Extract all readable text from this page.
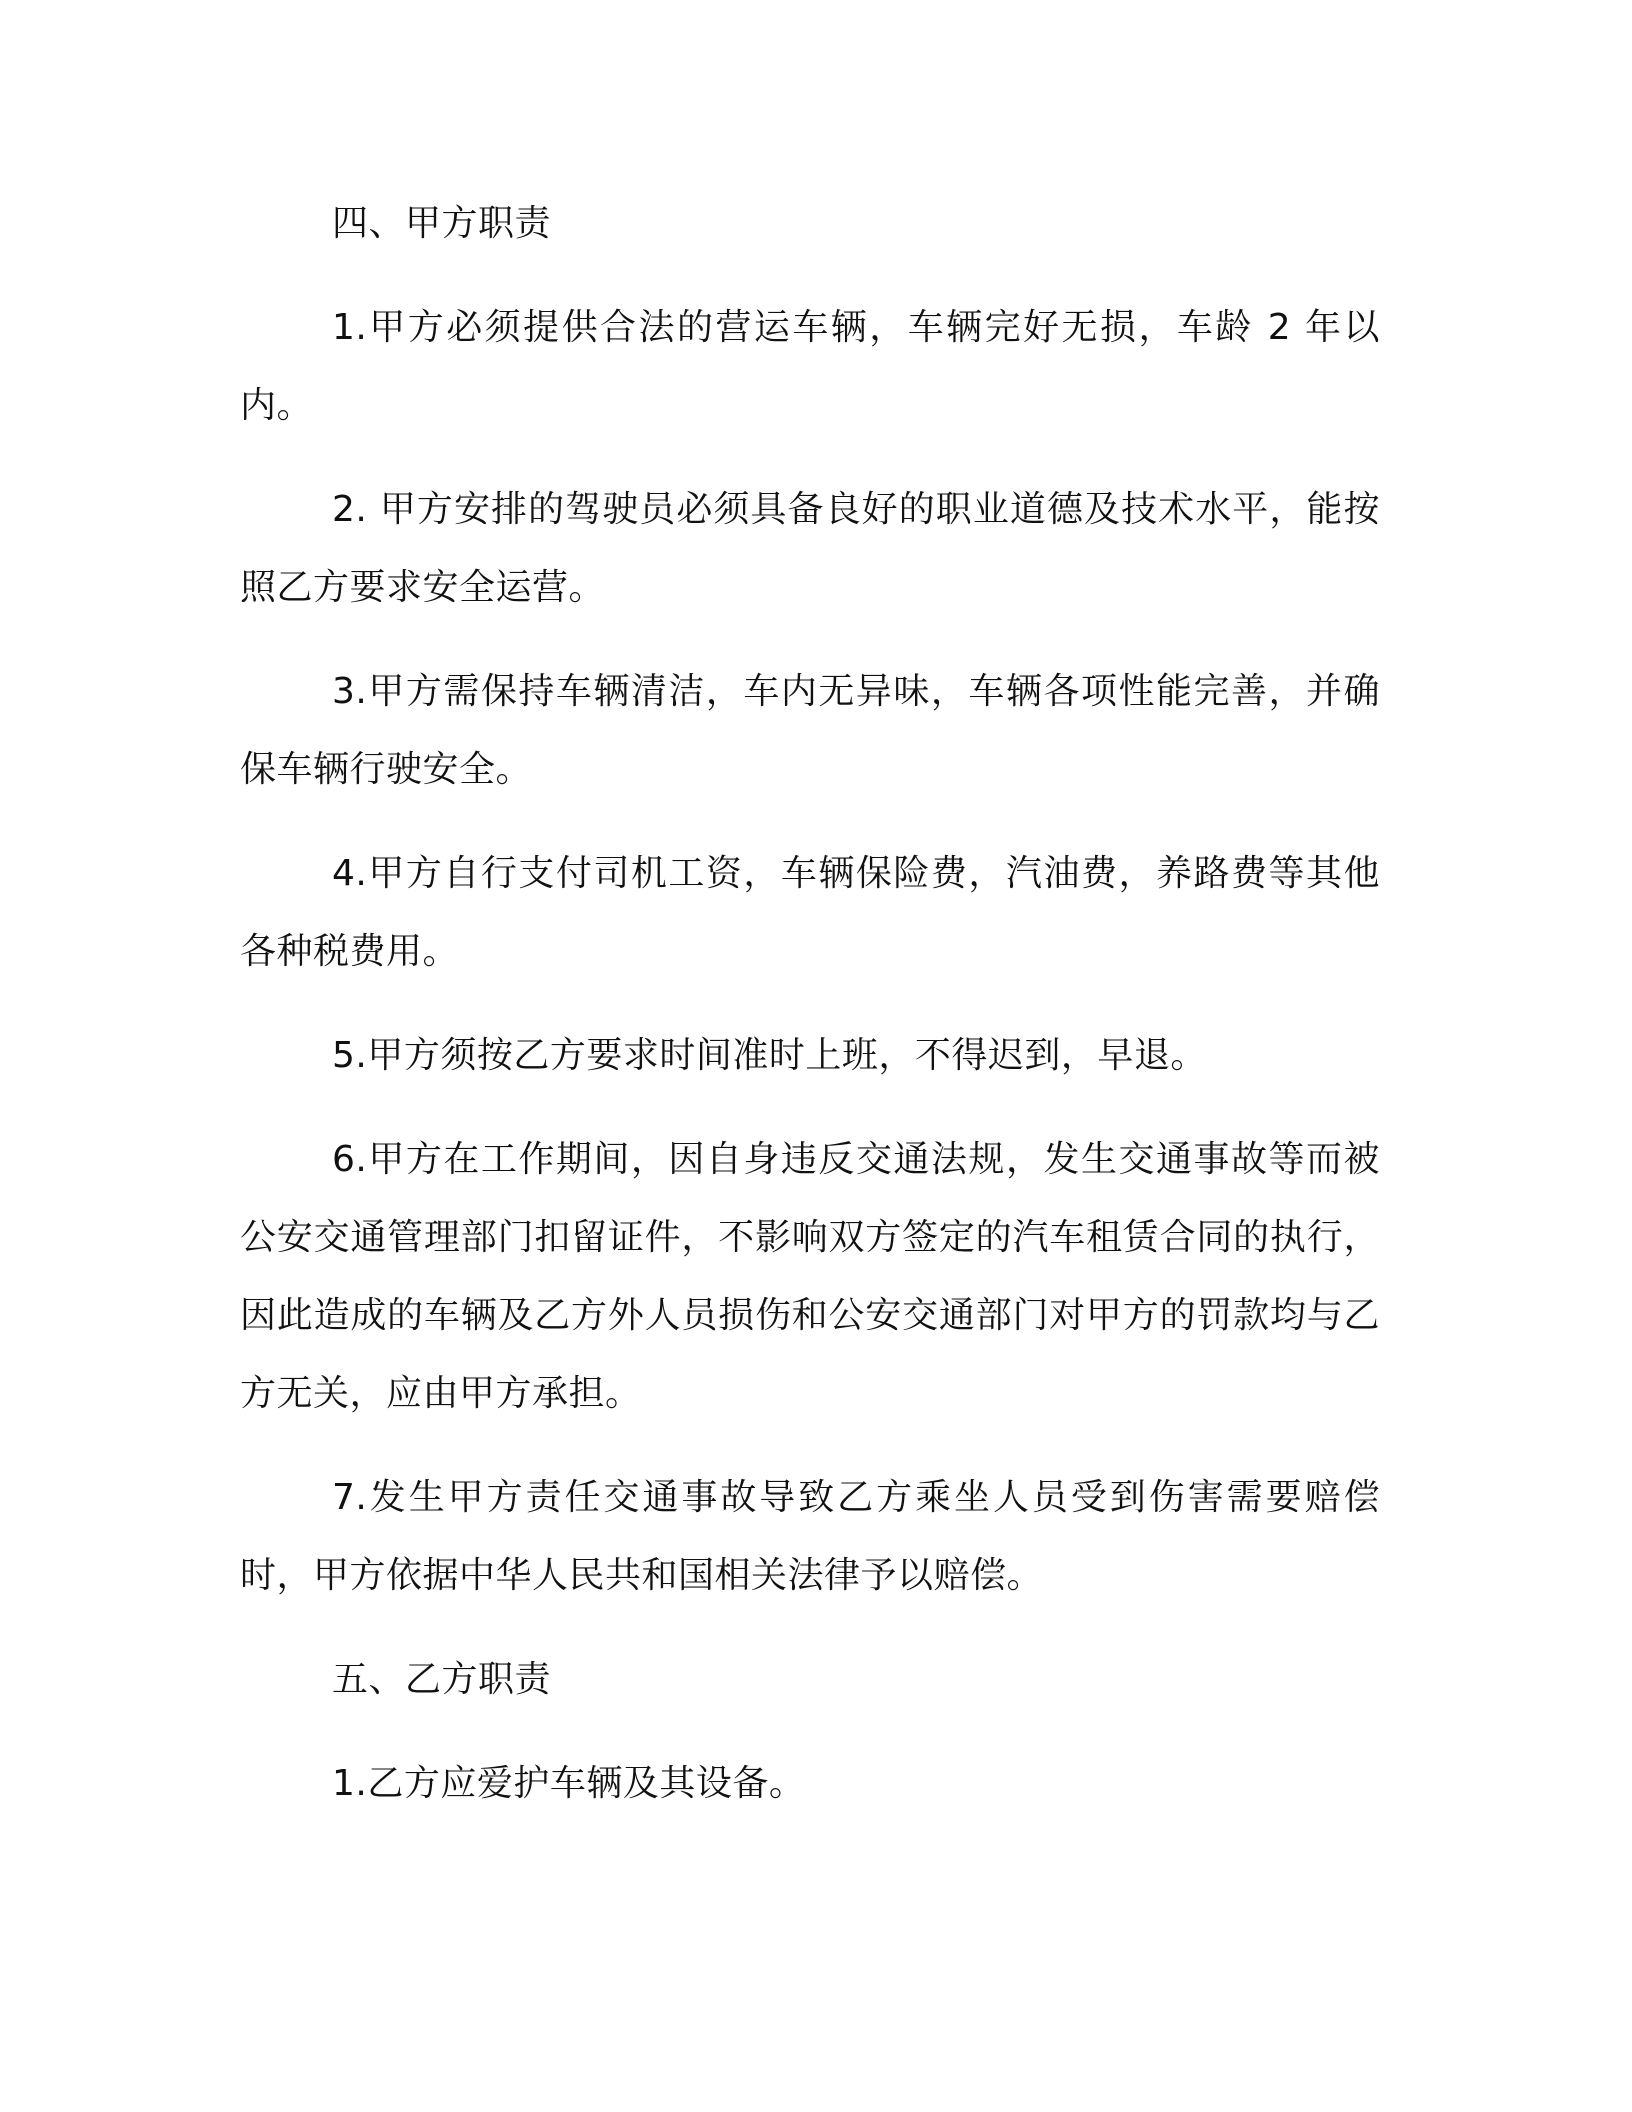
四、甲方职责

1.甲方必须提供合法的营运车辆，车辆完好无损，车龄 2 年以内。

2. 甲方安排的驾驶员必须具备良好的职业道德及技术水平，能按照乙方要求安全运营。

3.甲方需保持车辆清洁，车内无异味，车辆各项性能完善，并确保车辆行驶安全。

4.甲方自行支付司机工资，车辆保险费，汽油费，养路费等其他各种税费用。

5.甲方须按乙方要求时间准时上班，不得迟到，早退。

6.甲方在工作期间，因自身违反交通法规，发生交通事故等而被公安交通管理部门扣留证件，不影响双方签定的汽车租赁合同的执行，因此造成的车辆及乙方外人员损伤和公安交通部门对甲方的罚款均与乙方无关，应由甲方承担。

7.发生甲方责任交通事故导致乙方乘坐人员受到伤害需要赔偿时，甲方依据中华人民共和国相关法律予以赔偿。

五、乙方职责

1.乙方应爱护车辆及其设备。
